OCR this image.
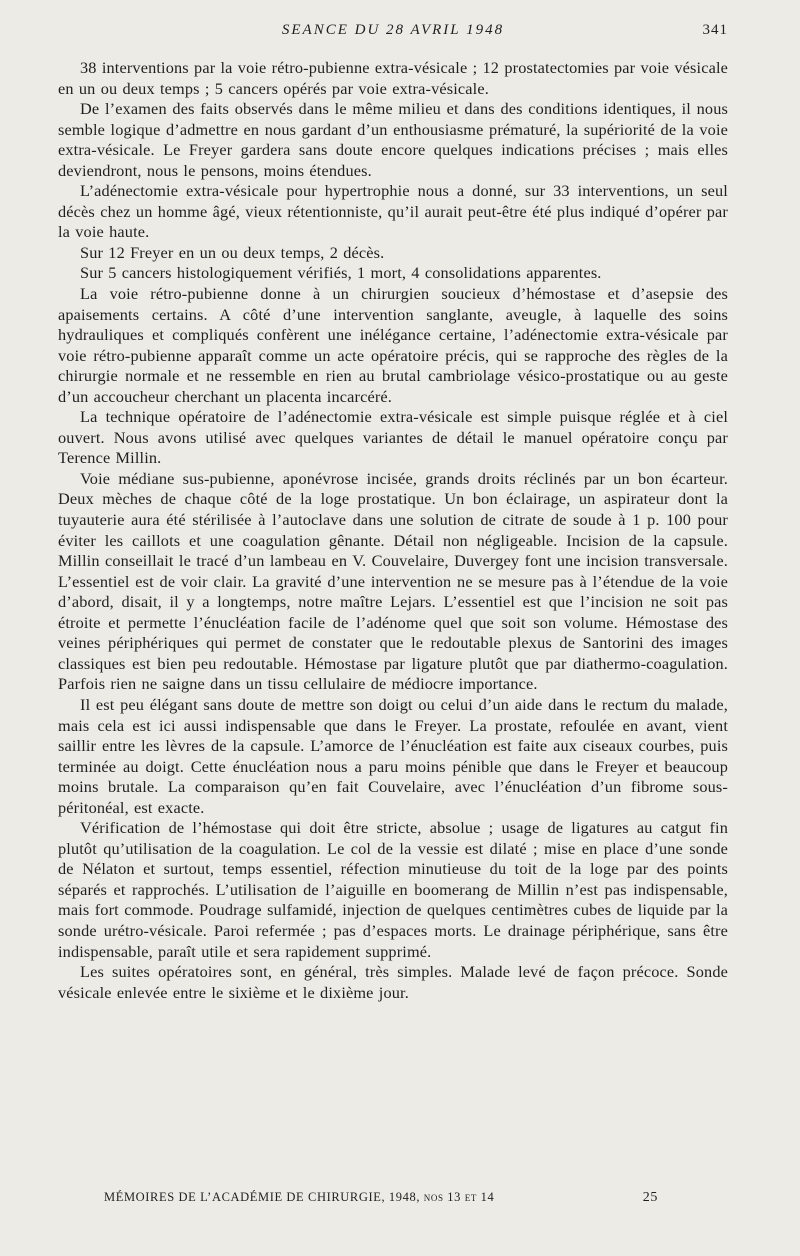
SEANCE DU 28 AVRIL 1948	341

38 interventions par la voie rétro-pubienne extra-vésicale ; 12 prostatectomies par voie vésicale en un ou deux temps ; 5 cancers opérés par voie extra-vésicale.

De l’examen des faits observés dans le même milieu et dans des conditions identiques, il nous semble logique d’admettre en nous gardant d’un enthousiasme prématuré, la supériorité de la voie extra-vésicale. Le Freyer gardera sans doute encore quelques indications précises ; mais elles deviendront, nous le pensons, moins étendues.

L’adénectomie extra-vésicale pour hypertrophie nous a donné, sur 33 interventions, un seul décès chez un homme âgé, vieux rétentionniste, qu’il aurait peut-être été plus indiqué d’opérer par la voie haute.

Sur 12 Freyer en un ou deux temps, 2 décès.

Sur 5 cancers histologiquement vérifiés, 1 mort, 4 consolidations apparentes.

La voie rétro-pubienne donne à un chirurgien soucieux d’hémostase et d’asepsie des apaisements certains. A côté d’une intervention sanglante, aveugle, à laquelle des soins hydrauliques et compliqués confèrent une inélégance certaine, l’adénectomie extra-vésicale par voie rétro-pubienne apparaît comme un acte opératoire précis, qui se rapproche des règles de la chirurgie normale et ne ressemble en rien au brutal cambriolage vésico-prostatique ou au geste d’un accoucheur cherchant un placenta incarcéré.

La technique opératoire de l’adénectomie extra-vésicale est simple puisque réglée et à ciel ouvert. Nous avons utilisé avec quelques variantes de détail le manuel opératoire conçu par Terence Millin.

Voie médiane sus-pubienne, aponévrose incisée, grands droits réclinés par un bon écarteur. Deux mèches de chaque côté de la loge prostatique. Un bon éclairage, un aspirateur dont la tuyauterie aura été stérilisée à l’autoclave dans une solution de citrate de soude à 1 p. 100 pour éviter les caillots et une coagulation gênante. Détail non négligeable. Incision de la capsule. Millin conseillait le tracé d’un lambeau en V. Couvelaire, Duvergey font une incision transversale. L’essentiel est de voir clair. La gravité d’une intervention ne se mesure pas à l’étendue de la voie d’abord, disait, il y a longtemps, notre maître Lejars. L’essentiel est que l’incision ne soit pas étroite et permette l’énucléation facile de l’adénome quel que soit son volume. Hémostase des veines périphériques qui permet de constater que le redoutable plexus de Santorini des images classiques est bien peu redoutable. Hémostase par ligature plutôt que par diathermo-coagulation. Parfois rien ne saigne dans un tissu cellulaire de médiocre importance.

Il est peu élégant sans doute de mettre son doigt ou celui d’un aide dans le rectum du malade, mais cela est ici aussi indispensable que dans le Freyer. La prostate, refoulée en avant, vient saillir entre les lèvres de la capsule. L’amorce de l’énucléation est faite aux ciseaux courbes, puis terminée au doigt. Cette énucléation nous a paru moins pénible que dans le Freyer et beaucoup moins brutale. La comparaison qu’en fait Couvelaire, avec l’énucléation d’un fibrome sous-péritonéal, est exacte.

Vérification de l’hémostase qui doit être stricte, absolue ; usage de ligatures au catgut fin plutôt qu’utilisation de la coagulation. Le col de la vessie est dilaté ; mise en place d’une sonde de Nélaton et surtout, temps essentiel, réfection minutieuse du toit de la loge par des points séparés et rapprochés. L’utilisation de l’aiguille en boomerang de Millin n’est pas indispensable, mais fort commode. Poudrage sulfamidé, injection de quelques centimètres cubes de liquide par la sonde urétro-vésicale. Paroi refermée ; pas d’espaces morts. Le drainage périphérique, sans être indispensable, paraît utile et sera rapidement supprimé.

Les suites opératoires sont, en général, très simples. Malade levé de façon précoce. Sonde vésicale enlevée entre le sixième et le dixième jour.

MÉMOIRES DE L’ACADÉMIE DE CHIRURGIE, 1948, nos 13 et 14	25
